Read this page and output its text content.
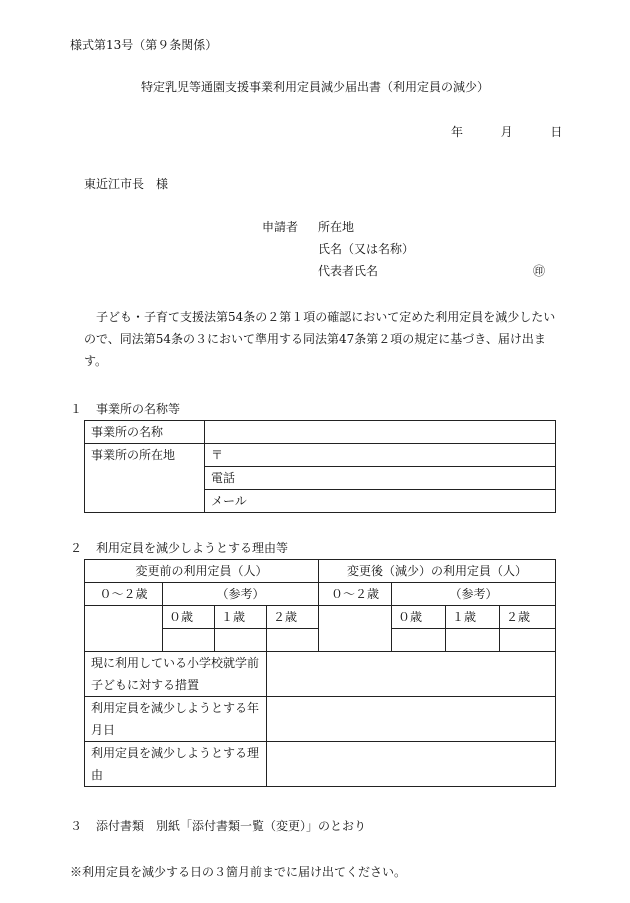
様式第13号（第９条関係）
特定乳児等通園支援事業利用定員減少届出書（利用定員の減少）
年	月	日
東近江市長　様
申請者 所在地
氏名（又は名称）
代表者氏名	㊞

子ども・子育て支援法第54条の２第１項の確認において定めた利用定員を減少したいので、同法第54条の３において準用する同法第47条第２項の規定に基づき、届け出ます。

１ 事業所の名称等
事業所の名称	
事業所の所在地	〒
	電話
	メール
２ 利用定員を減少しようとする理由等
変更前の利用定員（人）				変更後（減少）の利用定員（人）			
０～２歳	（参考）			０～２歳	（参考）		
	０歳	１歳	２歳		０歳	１歳	２歳

現に利用している小学校就学前子どもに対する措置							
利用定員を減少しようとする年月日							
利用定員を減少しようとする理由							
３ 添付書類 別紙「添付書類一覧（変更）」のとおり
※利用定員を減少する日の３箇月前までに届け出てください。
